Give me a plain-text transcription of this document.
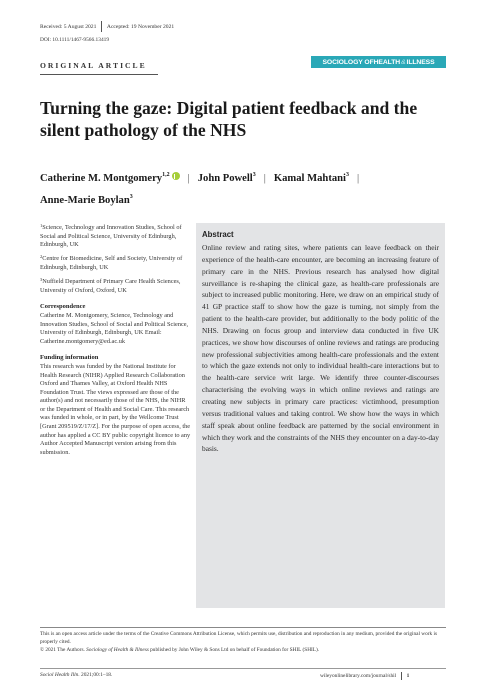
Received: 5 August 2021 Accepted: 19 November 2021
DOI: 10.1111/1467-9566.13419
ORIGINAL ARTICLE	SOCIOLOGY OF HEALTH & ILLNESS
Turning the gaze: Digital patient feedback and the silent pathology of the NHS
Catherine M. Montgomery$^{1,2}$ | John Powell$^3$ | Kamal Mahtani$^3$ |
Anne-Marie Boylan$^3$
$^1$Science, Technology and Innovation Studies, School of Social and Political Science, University of Edinburgh, Edinburgh, UK
$^2$Centre for Biomedicine, Self and Society, University of Edinburgh, Edinburgh, UK
$^3$Nuffield Department of Primary Care Health Sciences, University of Oxford, Oxford, UK
Correspondence
Catherine M. Montgomery, Science, Technology and Innovation Studies, School of Social and Political Science, University of Edinburgh, Edinburgh, UK Email: Catherine.montgomery@ed.ac.uk
Funding information
This research was funded by the National Institute for Health Research (NIHR) Applied Research Collaboration Oxford and Thames Valley, at Oxford Health NHS Foundation Trust. The views expressed are those of the author(s) and not necessarily those of the NHS, the NIHR or the Department of Health and Social Care. This research was funded in whole, or in part, by the Wellcome Trust [Grant 209519/Z/17/Z]. For the purpose of open access, the author has applied a CC BY public copyright licence to any Author Accepted Manuscript version arising from this submission.
Abstract
Online review and rating sites, where patients can leave feedback on their experience of the health-care encounter, are becoming an increasing feature of primary care in the NHS. Previous research has analysed how digital surveillance is re-shaping the clinical gaze, as health-care professionals are subject to increased public monitoring. Here, we draw on an empirical study of 41 GP practice staff to show how the gaze is turning, not simply from the patient to the health-care provider, but additionally to the body politic of the NHS. Drawing on focus group and interview data conducted in five UK practices, we show how discourses of online reviews and ratings are producing new professional subjectivities among health-care professionals and the extent to which the gaze extends not only to individual health-care interactions but to the health-care service writ large. We identify three counter-discourses characterising the evolving ways in which online reviews and ratings are creating new subjects in primary care practices: victimhood, presumption versus traditional values and taking control. We show how the ways in which staff speak about online feedback are patterned by the social environment in which they work and the constraints of the NHS they encounter on a day-to-day basis.
This is an open access article under the terms of the Creative Commons Attribution License, which permits use, distribution and reproduction in any medium, provided the original work is properly cited.
© 2021 The Authors. Sociology of Health & Illness published by John Wiley & Sons Ltd on behalf of Foundation for SHIL (SHIL).
Sociol Health Illn. 2021;00:1–18.	wileyonlinelibrary.com/journal/shil 1
